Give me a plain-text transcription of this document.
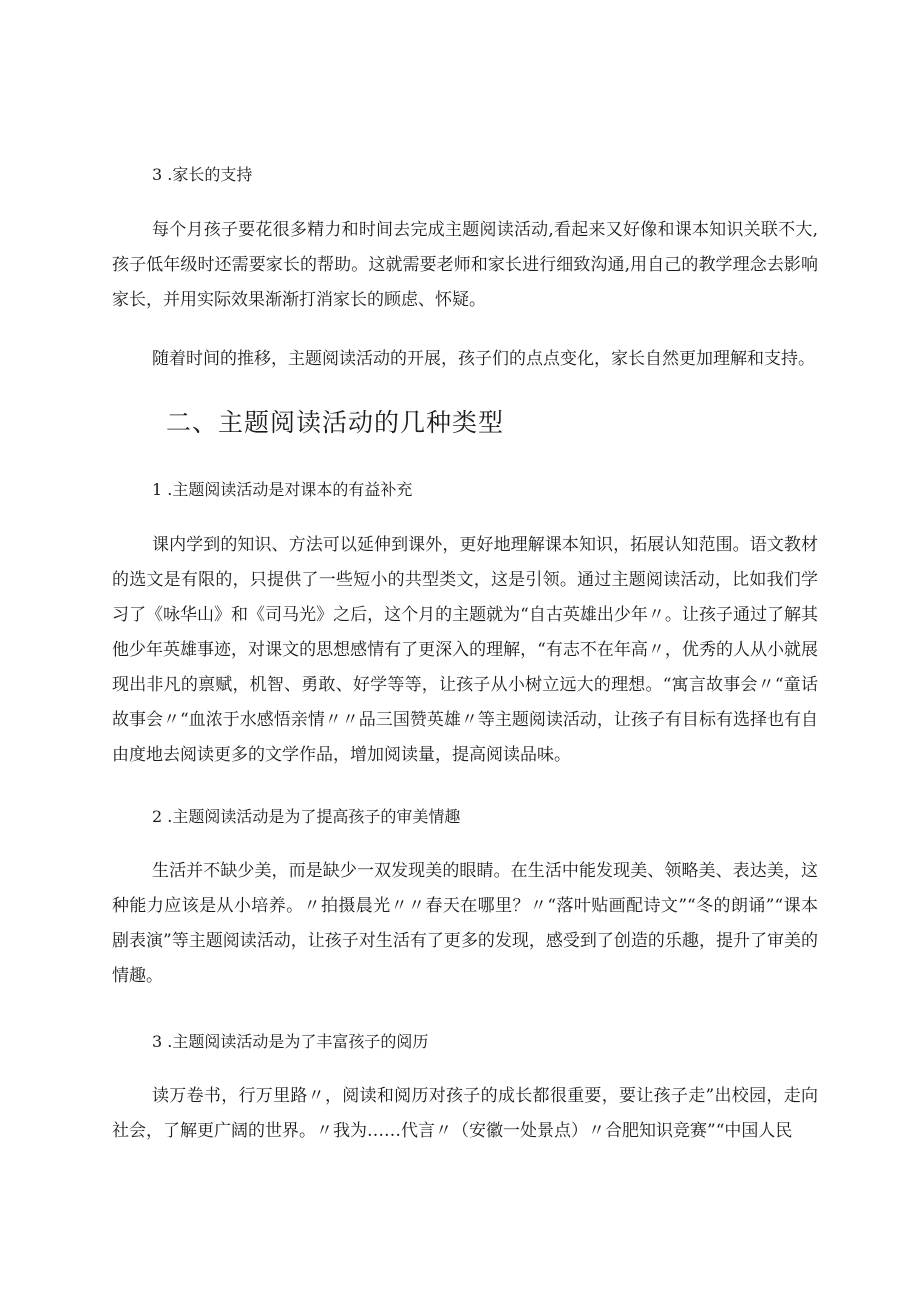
3 .家长的支持

每个月孩子要花很多精力和时间去完成主题阅读活动,看起来又好像和课本知识关联不大,孩子低年级时还需要家长的帮助。这就需要老师和家长进行细致沟通,用自己的教学理念去影响家长，并用实际效果渐渐打消家长的顾虑、怀疑。

随着时间的推移，主题阅读活动的开展，孩子们的点点变化，家长自然更加理解和支持。

二、主题阅读活动的几种类型
1 .主题阅读活动是对课本的有益补充

课内学到的知识、方法可以延伸到课外，更好地理解课本知识，拓展认知范围。语文教材的选文是有限的，只提供了一些短小的共型类文，这是引领。通过主题阅读活动，比如我们学习了《咏华山》和《司马光》之后，这个月的主题就为“自古英雄出少年〃。让孩子通过了解其他少年英雄事迹，对课文的思想感情有了更深入的理解，“有志不在年高〃，优秀的人从小就展现出非凡的禀赋，机智、勇敢、好学等等，让孩子从小树立远大的理想。“寓言故事会〃“童话故事会〃“血浓于水感悟亲情〃〃品三国赞英雄〃等主题阅读活动，让孩子有目标有选择也有自由度地去阅读更多的文学作品，增加阅读量，提高阅读品味。

2 .主题阅读活动是为了提高孩子的审美情趣

生活并不缺少美，而是缺少一双发现美的眼睛。在生活中能发现美、领略美、表达美，这种能力应该是从小培养。〃拍摄晨光〃〃春天在哪里？〃“落叶贴画配诗文”“冬的朗诵”“课本剧表演”等主题阅读活动，让孩子对生活有了更多的发现，感受到了创造的乐趣，提升了审美的情趣。

3 .主题阅读活动是为了丰富孩子的阅历

读万卷书，行万里路〃，阅读和阅历对孩子的成长都很重要，要让孩子走”出校园，走向社会，了解更广阔的世界。〃我为……代言〃（安徽一处景点）〃合肥知识竞赛”“中国人民
